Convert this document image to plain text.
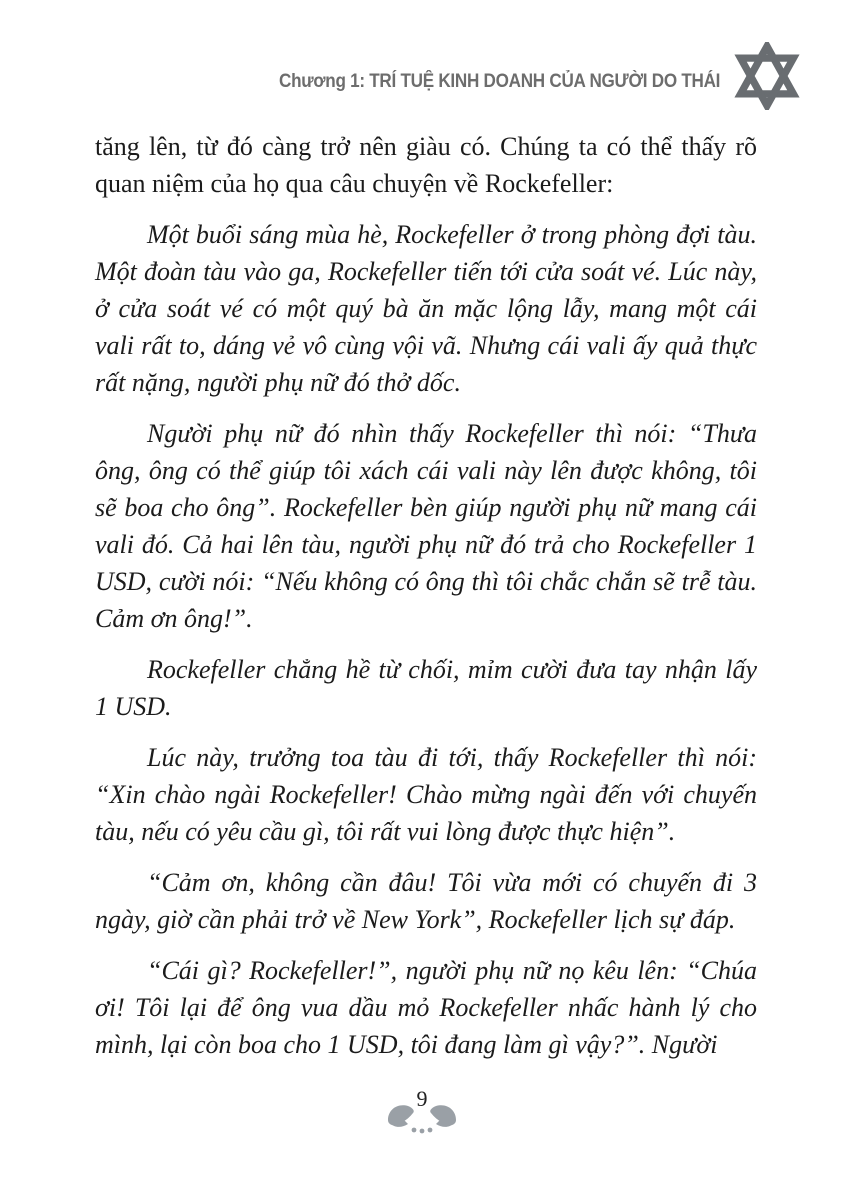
Chương 1: TRÍ TUỆ KINH DOANH CỦA NGƯỜI DO THÁI

tăng lên, từ đó càng trở nên giàu có. Chúng ta có thể thấy rõ quan niệm của họ qua câu chuyện về Rockefeller:

Một buổi sáng mùa hè, Rockefeller ở trong phòng đợi tàu. Một đoàn tàu vào ga, Rockefeller tiến tới cửa soát vé. Lúc này, ở cửa soát vé có một quý bà ăn mặc lộng lẫy, mang một cái vali rất to, dáng vẻ vô cùng vội vã. Nhưng cái vali ấy quả thực rất nặng, người phụ nữ đó thở dốc.

Người phụ nữ đó nhìn thấy Rockefeller thì nói: “Thưa ông, ông có thể giúp tôi xách cái vali này lên được không, tôi sẽ boa cho ông”. Rockefeller bèn giúp người phụ nữ mang cái vali đó. Cả hai lên tàu, người phụ nữ đó trả cho Rockefeller 1 USD, cười nói: “Nếu không có ông thì tôi chắc chắn sẽ trễ tàu. Cảm ơn ông!”.

Rockefeller chẳng hề từ chối, mỉm cười đưa tay nhận lấy 1 USD.

Lúc này, trưởng toa tàu đi tới, thấy Rockefeller thì nói: “Xin chào ngài Rockefeller! Chào mừng ngài đến với chuyến tàu, nếu có yêu cầu gì, tôi rất vui lòng được thực hiện”.

“Cảm ơn, không cần đâu! Tôi vừa mới có chuyến đi 3 ngày, giờ cần phải trở về New York”, Rockefeller lịch sự đáp.

“Cái gì? Rockefeller!”, người phụ nữ nọ kêu lên: “Chúa ơi! Tôi lại để ông vua dầu mỏ Rockefeller nhấc hành lý cho mình, lại còn boa cho 1 USD, tôi đang làm gì vậy?”. Người

9
